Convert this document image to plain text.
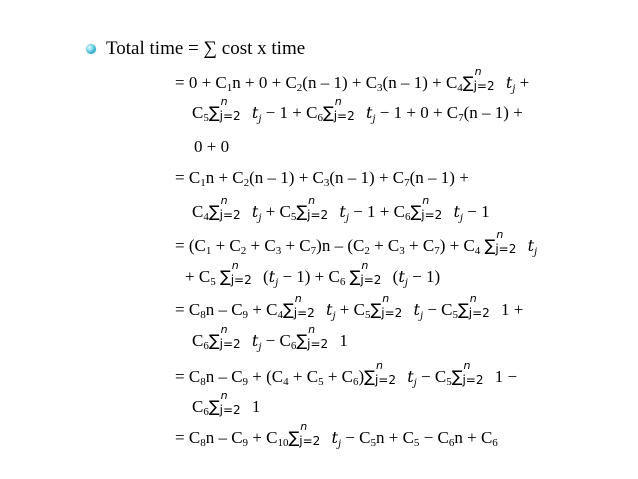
Total time = ∑ cost x time
= $0 + C_1n + 0 + C_2(n - 1) + C_3(n - 1) + C_4\sum$
n
j=2 $t_j$ +
$C_5\sum$
n
j=2 $t_j - 1 + C_6\sum$
n
j=2 $t_j - 1 + 0 + C_7(n - 1)$ +
0 + 0
= $C_1n + C_2(n - 1) + C_3(n - 1) + C_7(n - 1)$ +
$C_4\sum$
n
j=2 $t_j + C_5\sum$
n
j=2 $t_j - 1 + C_6\sum$
n
j=2 $t_j - 1$
= $(C_1 + C_2 + C_3 + C_7)n - (C_2 + C_3 + C_7) + C_4$ ∑
n
j=2 $t_j$
+ $C_5$ ∑
n
j=2 $(t_j - 1) + C_6$ ∑
n
j=2 $(t_j - 1)$
= $C_8n - C_9 + C_4\sum$
n
j=2 $t_j + C_5\sum$
n
j=2 $t_j - C_5\sum$
n
j=2 1 +
$C_6\sum$
n
j=2 $t_j - C_6\sum$
n
j=2 1
= $C_8n - C_9 + (C_4 + C_5 + C_6)\sum$
n
j=2 $t_j - C_5\sum$
n
j=2 1 −
$C_6\sum$
n
j=2 1
= $C_8n - C_9 + C_{10}\sum$
n
j=2 $t_j - C_5n + C_5 - C_6n + C_6$
